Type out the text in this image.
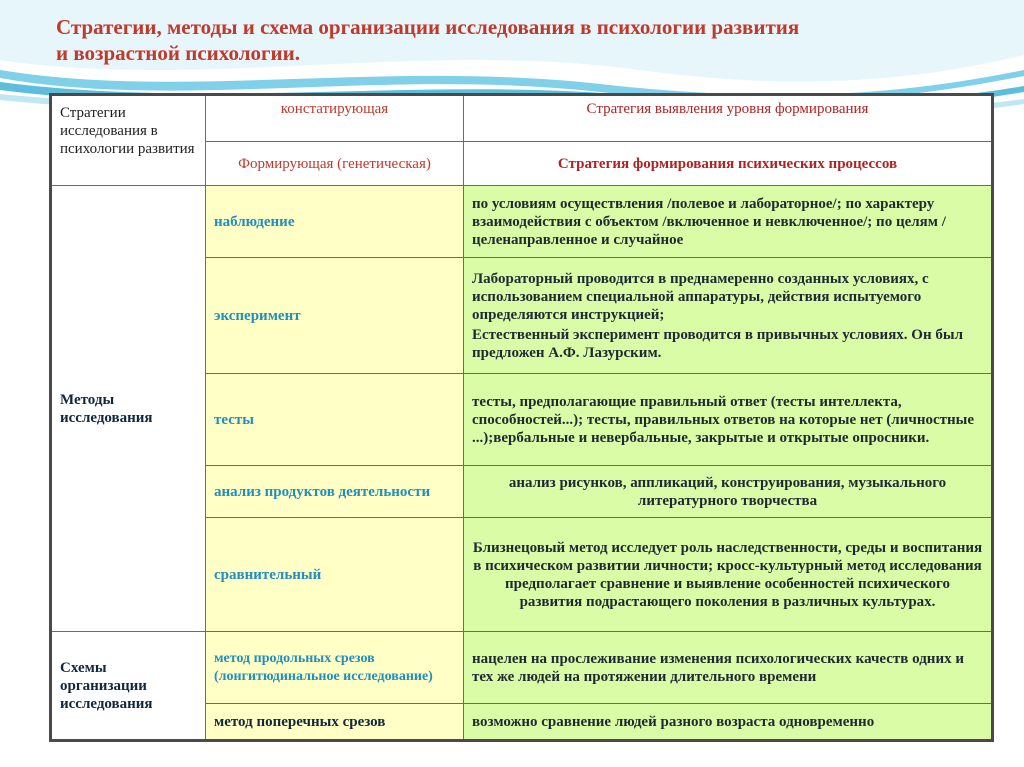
Стратегии, методы и схема организации исследования в психологии развития
и возрастной психологии.
Стратегии исследования в психологии развития	констатирующая	Стратегия выявления уровня формирования
	Формирующая (генетическая)	Стратегия формирования психических процессов
Методы исследования	наблюдение	по условиям осуществления /полевое и лабораторное/; по характеру взаимодействия с объектом /включенное и невключенное/; по целям /целенаправленное и случайное
	эксперимент	Лабораторный проводится в преднамеренно созданных условиях, с использованием специальной аппаратуры, действия испытуемого определяются инструкцией;
Естественный эксперимент проводится в привычных условиях. Он был предложен А.Ф. Лазурским.

	тесты	тесты, предполагающие правильный ответ (тесты интеллекта, способностей...); тесты, правильных ответов на которые нет (личностные ...);вербальные и невербальные, закрытые и открытые опросники.
	анализ продуктов деятельности	анализ рисунков, аппликаций, конструирования, музыкального литературного творчества
	сравнительный	Близнецовый метод исследует роль наследственности, среды и воспитания в психическом развитии личности; кросс-культурный метод исследования предполагает сравнение и выявление особенностей психического развития подрастающего поколения в различных культурах.
Схемы организации исследования	метод продольных срезов (лонгитюдинальное исследование)	нацелен на прослеживание изменения психологических качеств одних и тех же людей на протяжении длительного времени
	метод поперечных срезов	возможно сравнение людей разного возраста одновременно
